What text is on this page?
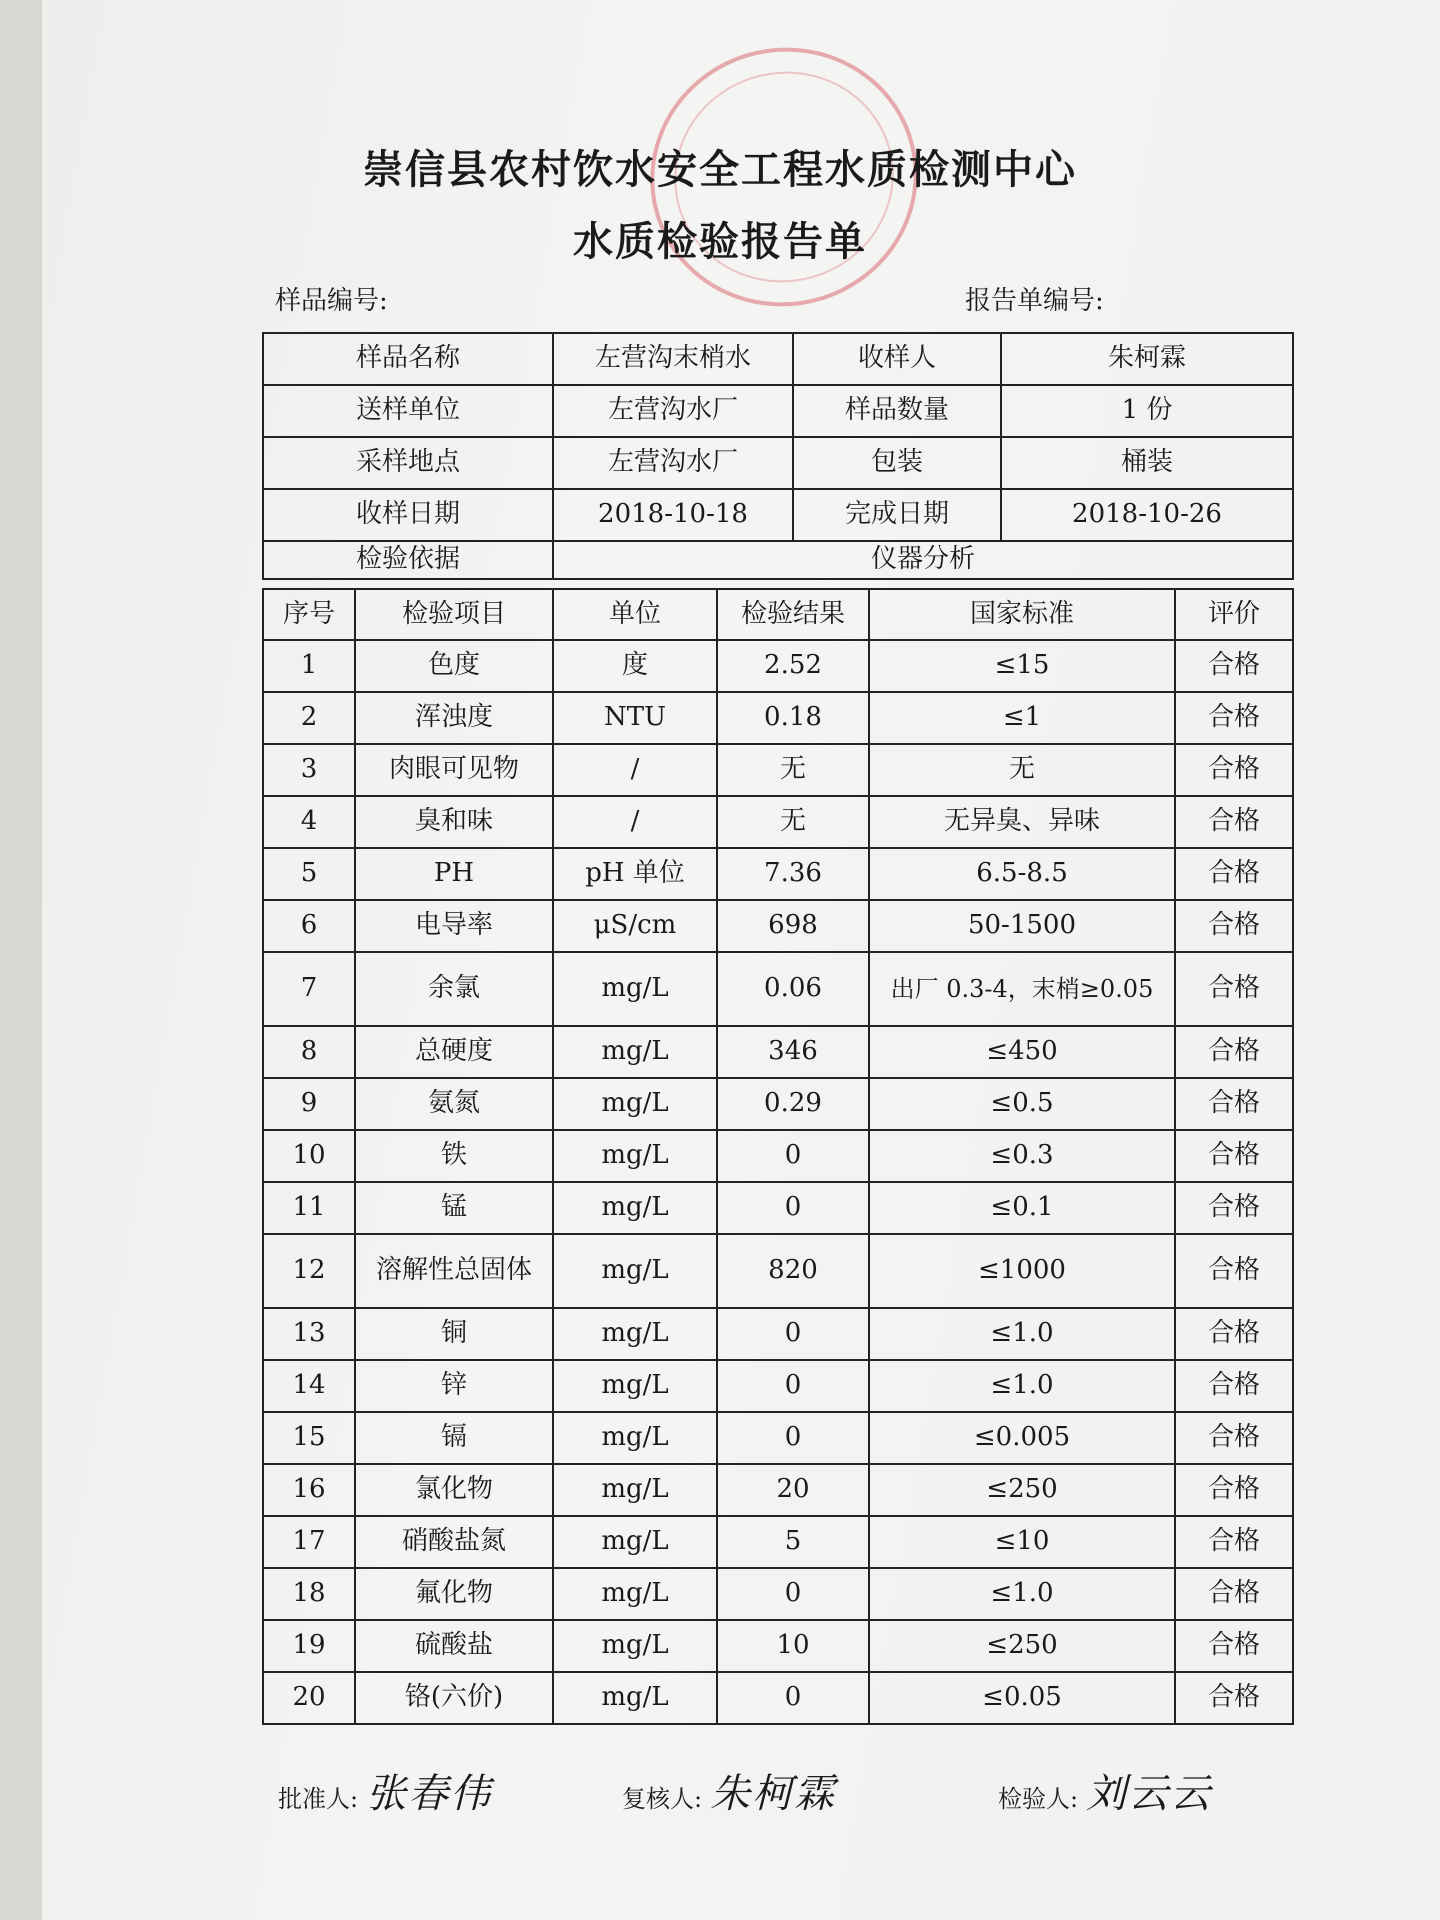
崇信县农村饮水安全工程水质检测中心
水质检验报告单
样品编号:	报告单编号:
样品名称	左营沟末梢水	收样人	朱柯霖
送样单位	左营沟水厂	样品数量	1 份
采样地点	左营沟水厂	包装	桶装
收样日期	2018-10-18	完成日期	2018-10-26
检验依据	仪器分析		
序号	检验项目	单位	检验结果	国家标准	评价
1	色度	度	2.52	≤15	合格
2	浑浊度	NTU	0.18	≤1	合格
3	肉眼可见物	/	无	无	合格
4	臭和味	/	无	无异臭、异味	合格
5	PH	pH 单位	7.36	6.5-8.5	合格
6	电导率	μS/cm	698	50-1500	合格
7	余氯	mg/L	0.06	出厂 0.3-4，末梢≥0.05	合格
8	总硬度	mg/L	346	≤450	合格
9	氨氮	mg/L	0.29	≤0.5	合格
10	铁	mg/L	0	≤0.3	合格
11	锰	mg/L	0	≤0.1	合格
12	溶解性总固体	mg/L	820	≤1000	合格
13	铜	mg/L	0	≤1.0	合格
14	锌	mg/L	0	≤1.0	合格
15	镉	mg/L	0	≤0.005	合格
16	氯化物	mg/L	20	≤250	合格
17	硝酸盐氮	mg/L	5	≤10	合格
18	氟化物	mg/L	0	≤1.0	合格
19	硫酸盐	mg/L	10	≤250	合格
20	铬(六价)	mg/L	0	≤0.05	合格
批准人: 张春伟	复核人: 朱柯霖	检验人: 刘云云
